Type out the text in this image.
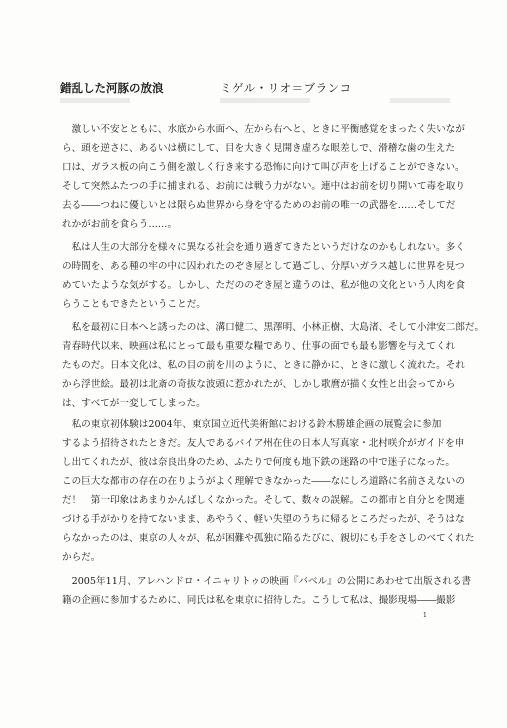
錯乱した河豚の放浪	ミゲル・リオ＝ブランコ
　激しい不安とともに、水底から水面へ、左から右へと、ときに平衡感覚をまったく失いなが
ら、頭を逆さに、あるいは横にして、目を大きく見開き虚ろな眼差しで、滑稽な歯の生えた
口は、ガラス板の向こう側を激しく行き来する恐怖に向けて叫び声を上げることができない。
そして突然ふたつの手に捕まれる、お前には戦う力がない。連中はお前を切り開いて毒を取り
去る――つねに優しいとは限らぬ世界から身を守るためのお前の唯一の武器を……そしてだ
れかがお前を食らう……。
　私は人生の大部分を様々に異なる社会を通り過ぎてきたというだけなのかもしれない。多く
の時間を、ある種の牢の中に囚われたのぞき屋として過ごし、分厚いガラス越しに世界を見つ
めていたような気がする。しかし、ただののぞき屋と違うのは、私が他の文化という人肉を食
らうこともできたということだ。
　私を最初に日本へと誘ったのは、溝口健二、黒澤明、小林正樹、大島渚、そして小津安二郎だ。
青春時代以来、映画は私にとって最も重要な糧であり、仕事の面でも最も影響を与えてくれ
たものだ。日本文化は、私の目の前を川のように、ときに静かに、ときに激しく流れた。それ
から浮世絵。最初は北斎の奇抜な波頭に惹かれたが、しかし歌麿が描く女性と出会ってから
は、すべてが一変してしまった。
　私の東京初体験は2004年、東京国立近代美術館における鈴木勝雄企画の展覧会に参加
するよう招待されたときだ。友人であるバイア州在住の日本人写真家・北村咲介がガイドを申
し出てくれたが、彼は奈良出身のため、ふたりで何度も地下鉄の迷路の中で迷子になった。
この巨大な都市の存在の在りようがよく理解できなかった――なにしろ道路に名前さえないの
だ！　第一印象はあまりかんばしくなかった。そして、数々の誤解。この都市と自分とを関連
づける手がかりを持てないまま、あやうく、軽い失望のうちに帰るところだったが、そうはな
らなかったのは、東京の人々が、私が困難や孤独に陥るたびに、親切にも手をさしのべてくれた
からだ。
　2005年11月、アレハンドロ・イニャリトゥの映画『バベル』の公開にあわせて出版される書
籍の企画に参加するために、同氏は私を東京に招待した。こうして私は、撮影現場――撮影
1
